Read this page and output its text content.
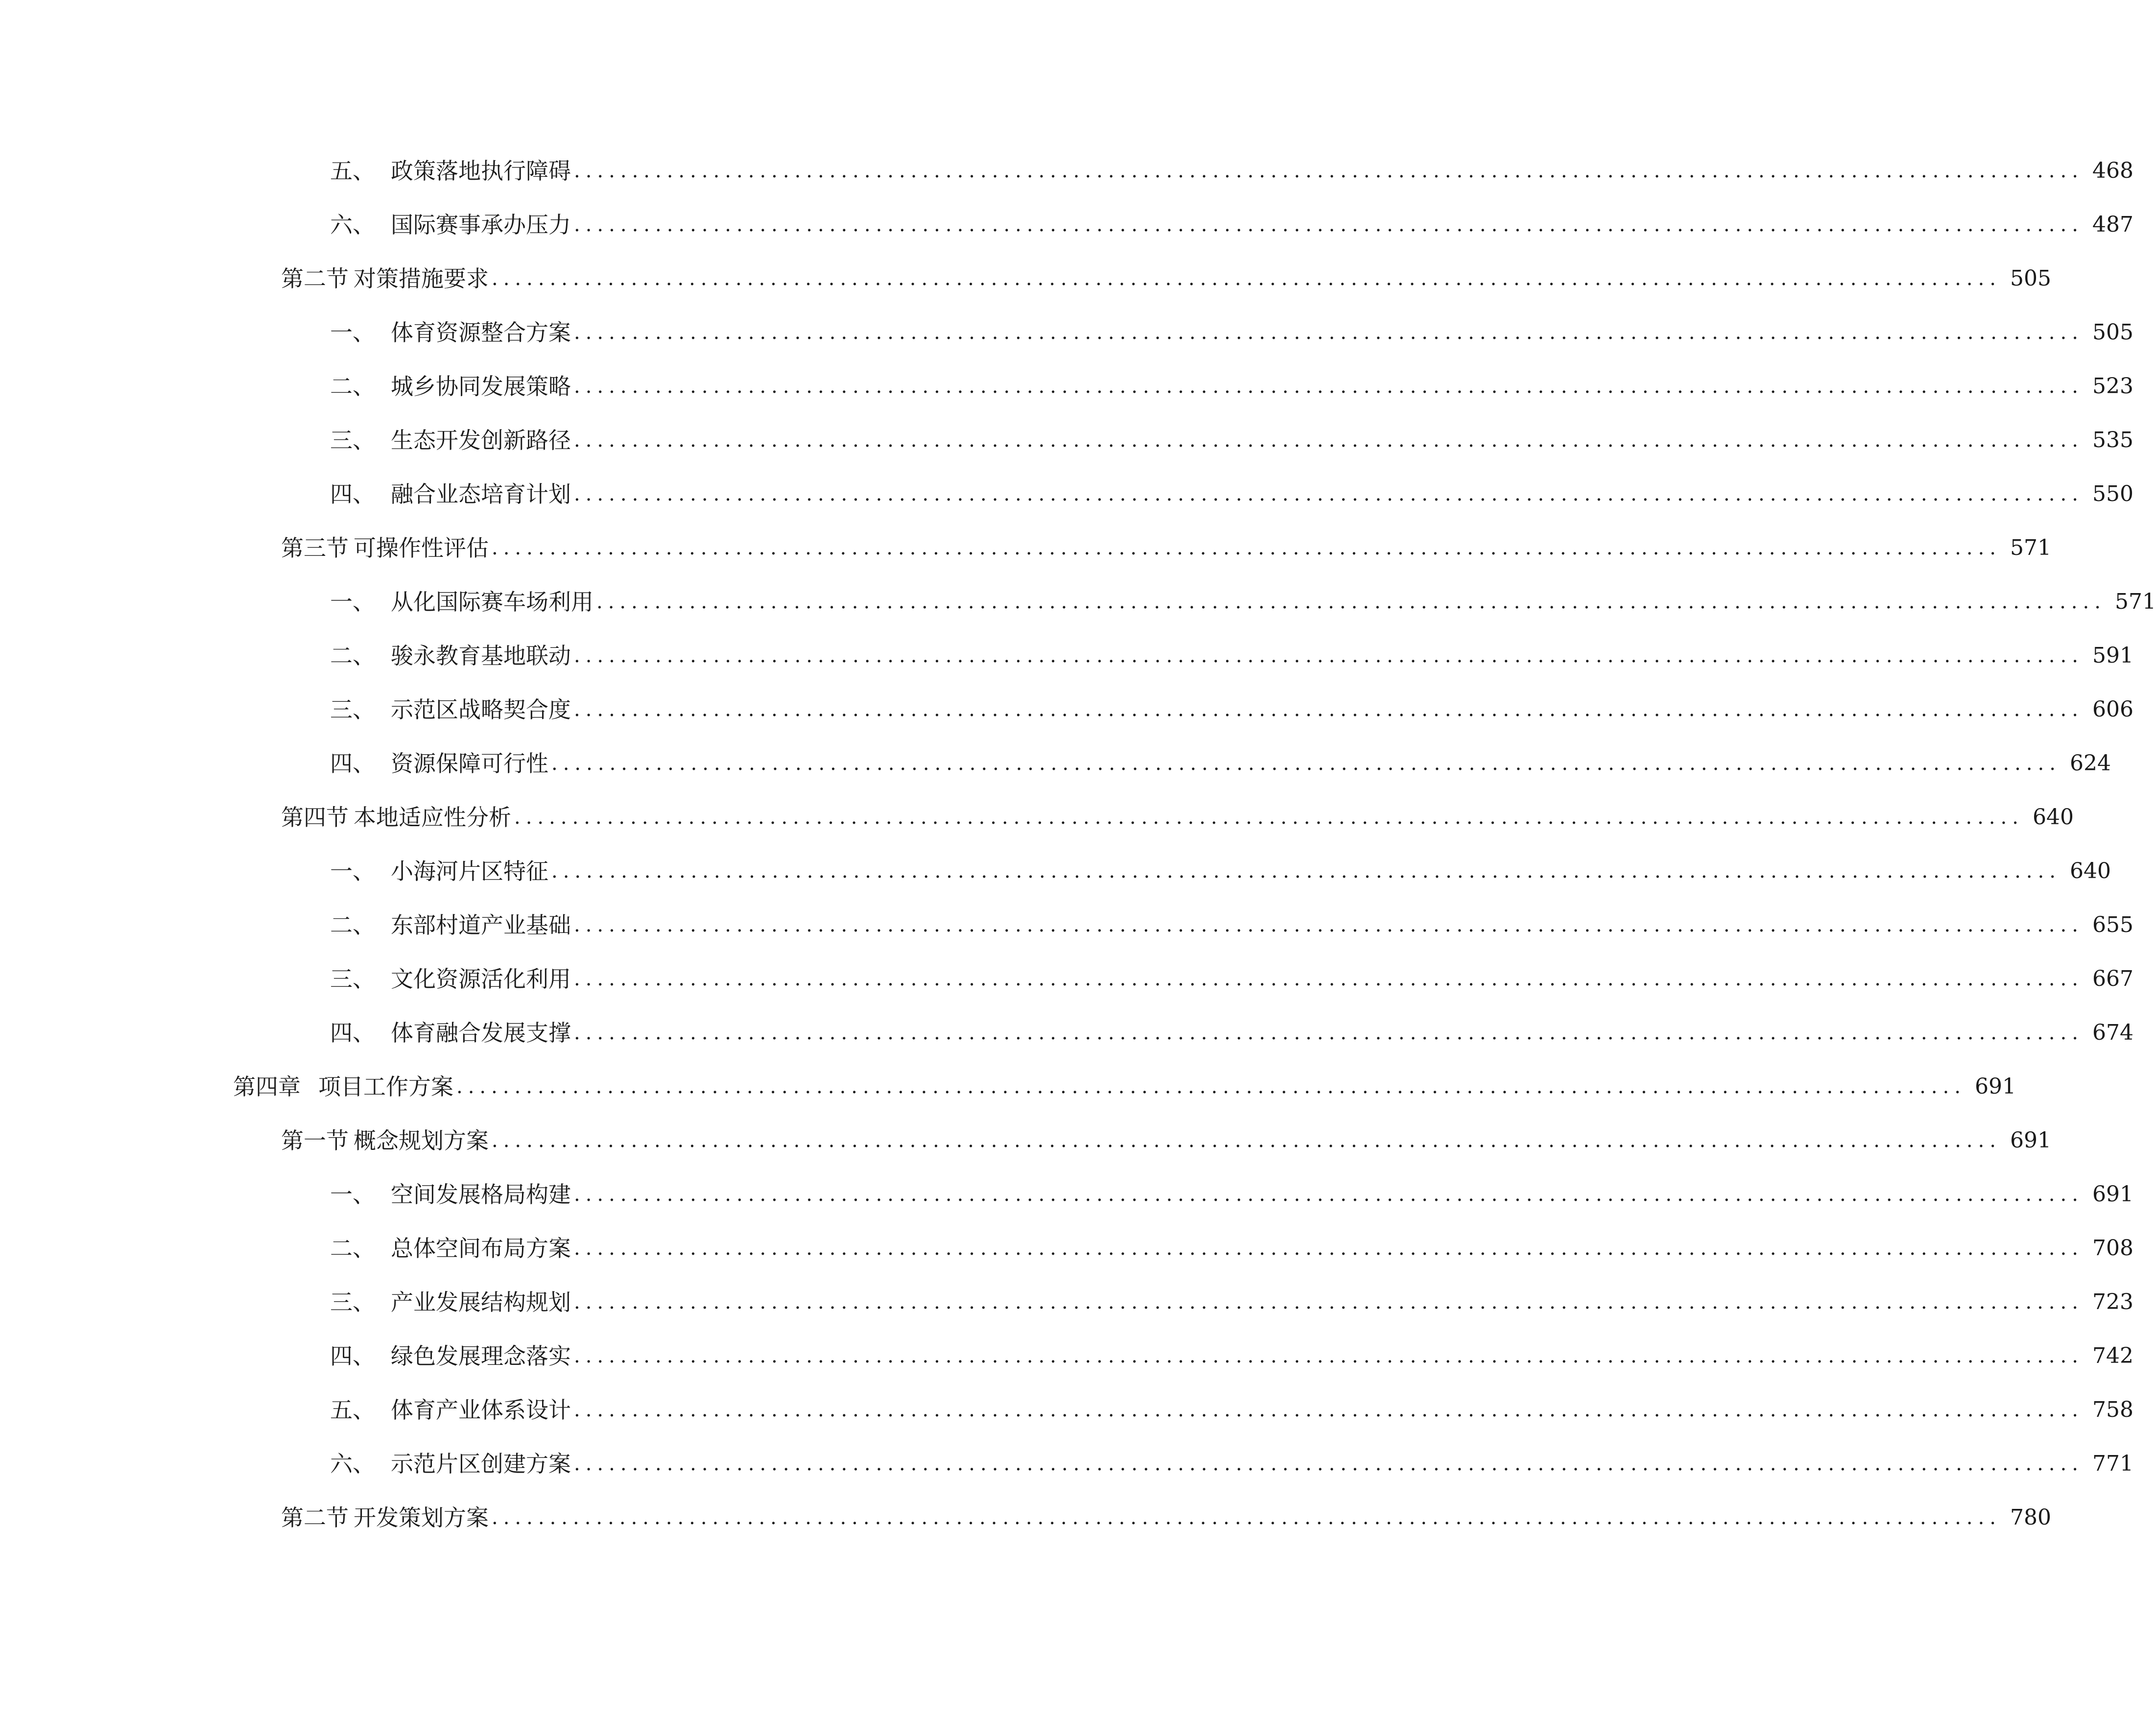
五、 政策落地执行障碍 .................................................................................................................................. 468
六、 国际赛事承办压力 .................................................................................................................................. 487
第二节 对策措施要求 .................................................................................................................................. 505
一、 体育资源整合方案 .................................................................................................................................. 505
二、 城乡协同发展策略 .................................................................................................................................. 523
三、 生态开发创新路径 .................................................................................................................................. 535
四、 融合业态培育计划 .................................................................................................................................. 550
第三节 可操作性评估 .................................................................................................................................. 571
一、 从化国际赛车场利用 .................................................................................................................................. 571
二、 骏永教育基地联动 .................................................................................................................................. 591
三、 示范区战略契合度 .................................................................................................................................. 606
四、 资源保障可行性 .................................................................................................................................. 624
第四节 本地适应性分析 .................................................................................................................................. 640
一、 小海河片区特征 .................................................................................................................................. 640
二、 东部村道产业基础 .................................................................................................................................. 655
三、 文化资源活化利用 .................................................................................................................................. 667
四、 体育融合发展支撑 .................................................................................................................................. 674
第四章 项目工作方案 .................................................................................................................................. 691
第一节 概念规划方案 .................................................................................................................................. 691
一、 空间发展格局构建 .................................................................................................................................. 691
二、 总体空间布局方案 .................................................................................................................................. 708
三、 产业发展结构规划 .................................................................................................................................. 723
四、 绿色发展理念落实 .................................................................................................................................. 742
五、 体育产业体系设计 .................................................................................................................................. 758
六、 示范片区创建方案 .................................................................................................................................. 771
第二节 开发策划方案 .................................................................................................................................. 780
